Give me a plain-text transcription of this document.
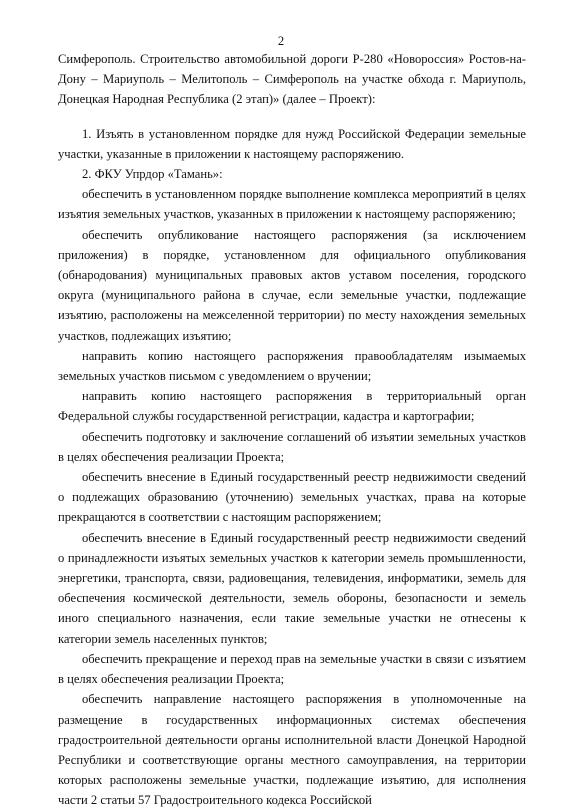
2

Симферополь. Строительство автомобильной дороги Р-280 «Новороссия» Ростов-на-Дону – Мариуполь – Мелитополь – Симферополь на участке обхода г. Мариуполь, Донецкая Народная Республика (2 этап)» (далее – Проект):

1. Изъять в установленном порядке для нужд Российской Федерации земельные участки, указанные в приложении к настоящему распоряжению.

2. ФКУ Упрдор «Тамань»:

обеспечить в установленном порядке выполнение комплекса мероприятий в целях изъятия земельных участков, указанных в приложении к настоящему распоряжению;

обеспечить опубликование настоящего распоряжения (за исключением приложения) в порядке, установленном для официального опубликования (обнародования) муниципальных правовых актов уставом поселения, городского округа (муниципального района в случае, если земельные участки, подлежащие изъятию, расположены на межселенной территории) по месту нахождения земельных участков, подлежащих изъятию;

направить копию настоящего распоряжения правообладателям изымаемых земельных участков письмом с уведомлением о вручении;

направить копию настоящего распоряжения в территориальный орган Федеральной службы государственной регистрации, кадастра и картографии;

обеспечить подготовку и заключение соглашений об изъятии земельных участков в целях обеспечения реализации Проекта;

обеспечить внесение в Единый государственный реестр недвижимости сведений о подлежащих образованию (уточнению) земельных участках, права на которые прекращаются в соответствии с настоящим распоряжением;

обеспечить внесение в Единый государственный реестр недвижимости сведений о принадлежности изъятых земельных участков к категории земель промышленности, энергетики, транспорта, связи, радиовещания, телевидения, информатики, земель для обеспечения космической деятельности, земель обороны, безопасности и земель иного специального назначения, если такие земельные участки не отнесены к категории земель населенных пунктов;

обеспечить прекращение и переход прав на земельные участки в связи с изъятием в целях обеспечения реализации Проекта;

обеспечить направление настоящего распоряжения в уполномоченные на размещение в государственных информационных системах обеспечения градостроительной деятельности органы исполнительной власти Донецкой Народной Республики и соответствующие органы местного самоуправления, на территории которых расположены земельные участки, подлежащие изъятию, для исполнения части 2 статьи 57 Градостроительного кодекса Российской
